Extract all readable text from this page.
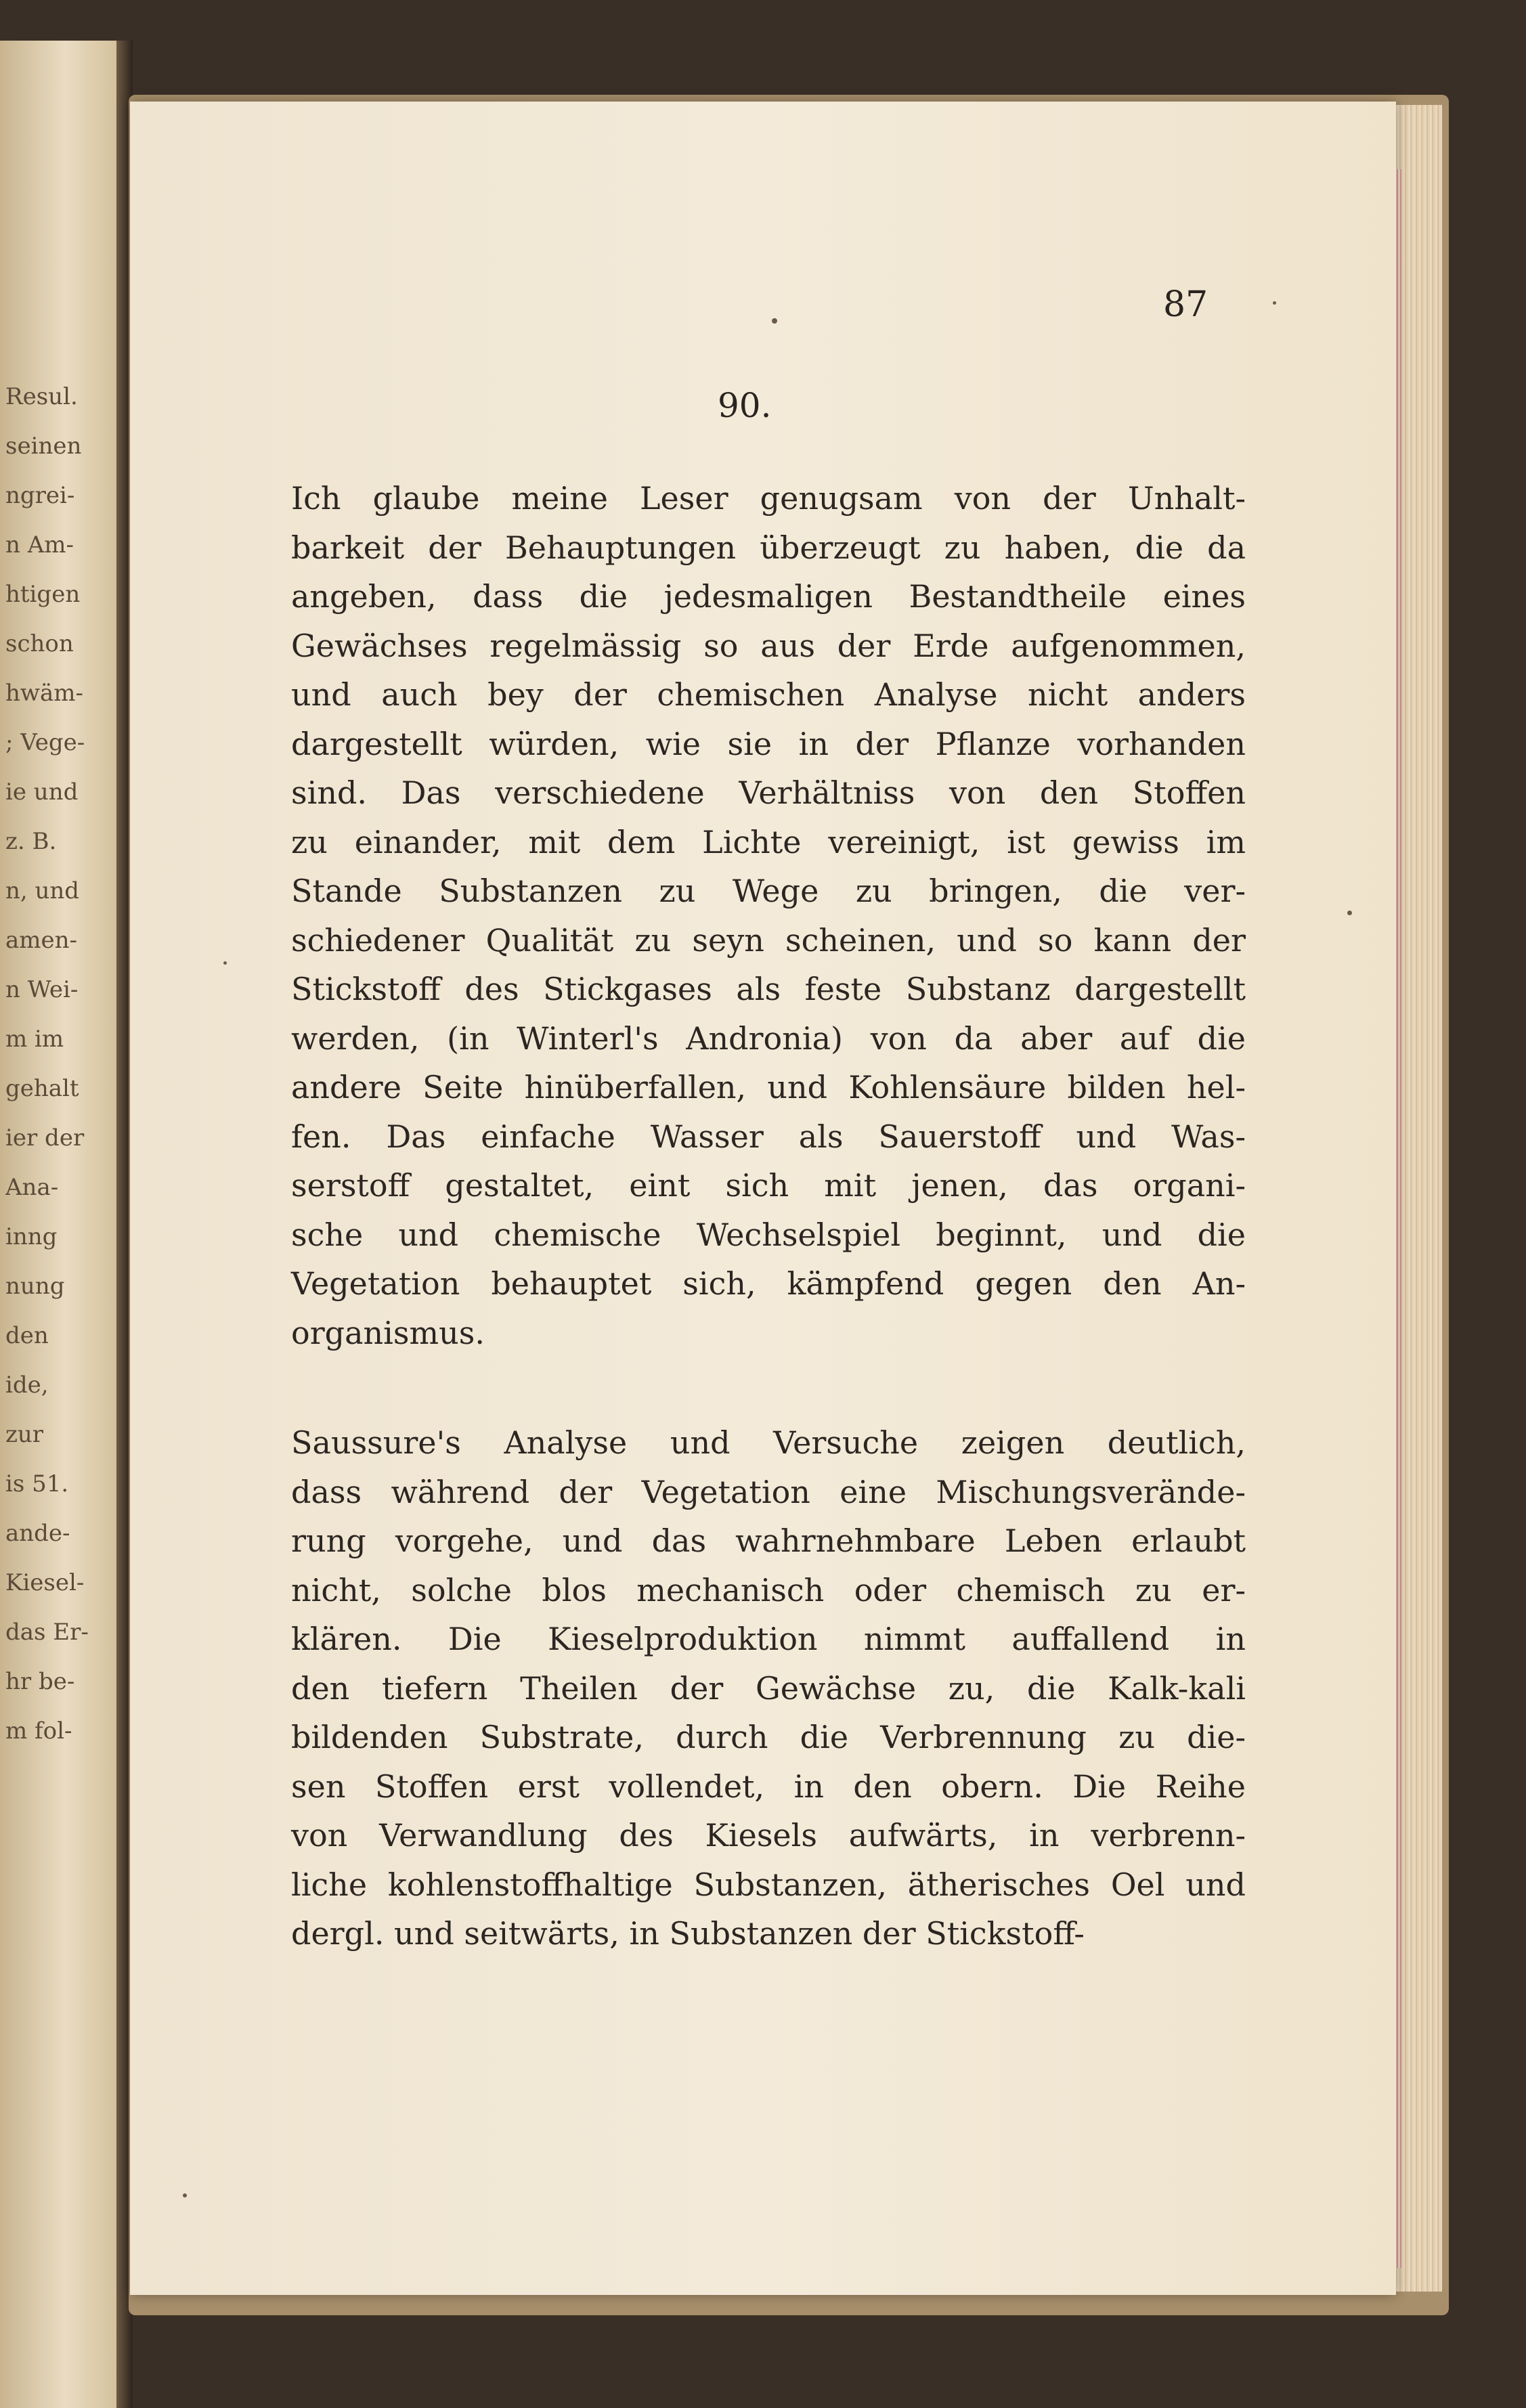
Resul.
seinen
ngrei-
n Am-
htigen
schon
hwäm-
; Vege-
ie und
z. B.
n, und
amen-
n Wei-
m im
gehalt
ier der
Ana-
inng
nung
den
ide,
zur
is 51.
ande-
Kiesel-
das Er-
hr be-
m fol-
87
90.
Ich glaube meine Leser genugsam von der Unhalt-
barkeit der Behauptungen überzeugt zu haben, die da
angeben, dass die jedesmaligen Bestandtheile eines
Gewächses regelmässig so aus der Erde aufgenommen,
und auch bey der chemischen Analyse nicht anders
dargestellt würden, wie sie in der Pflanze vorhanden
sind. Das verschiedene Verhältniss von den Stoffen
zu einander, mit dem Lichte vereinigt, ist gewiss im
Stande Substanzen zu Wege zu bringen, die ver-
schiedener Qualität zu seyn scheinen, und so kann der
Stickstoff des Stickgases als feste Substanz dargestellt
werden, (in Winterl's Andronia) von da aber auf die
andere Seite hinüberfallen, und Kohlensäure bilden hel-
fen. Das einfache Wasser als Sauerstoff und Was-
serstoff gestaltet, eint sich mit jenen, das organi-
sche und chemische Wechselspiel beginnt, und die
Vegetation behauptet sich, kämpfend gegen den An-
organismus.
Saussure's Analyse und Versuche zeigen deutlich,
dass während der Vegetation eine Mischungsverände-
rung vorgehe, und das wahrnehmbare Leben erlaubt
nicht, solche blos mechanisch oder chemisch zu er-
klären. Die Kieselproduktion nimmt auffallend in
den tiefern Theilen der Gewächse zu, die Kalk-kali
bildenden Substrate, durch die Verbrennung zu die-
sen Stoffen erst vollendet, in den obern. Die Reihe
von Verwandlung des Kiesels aufwärts, in verbrenn-
liche kohlenstoffhaltige Substanzen, ätherisches Oel und
dergl. und seitwärts, in Substanzen der Stickstoff-
